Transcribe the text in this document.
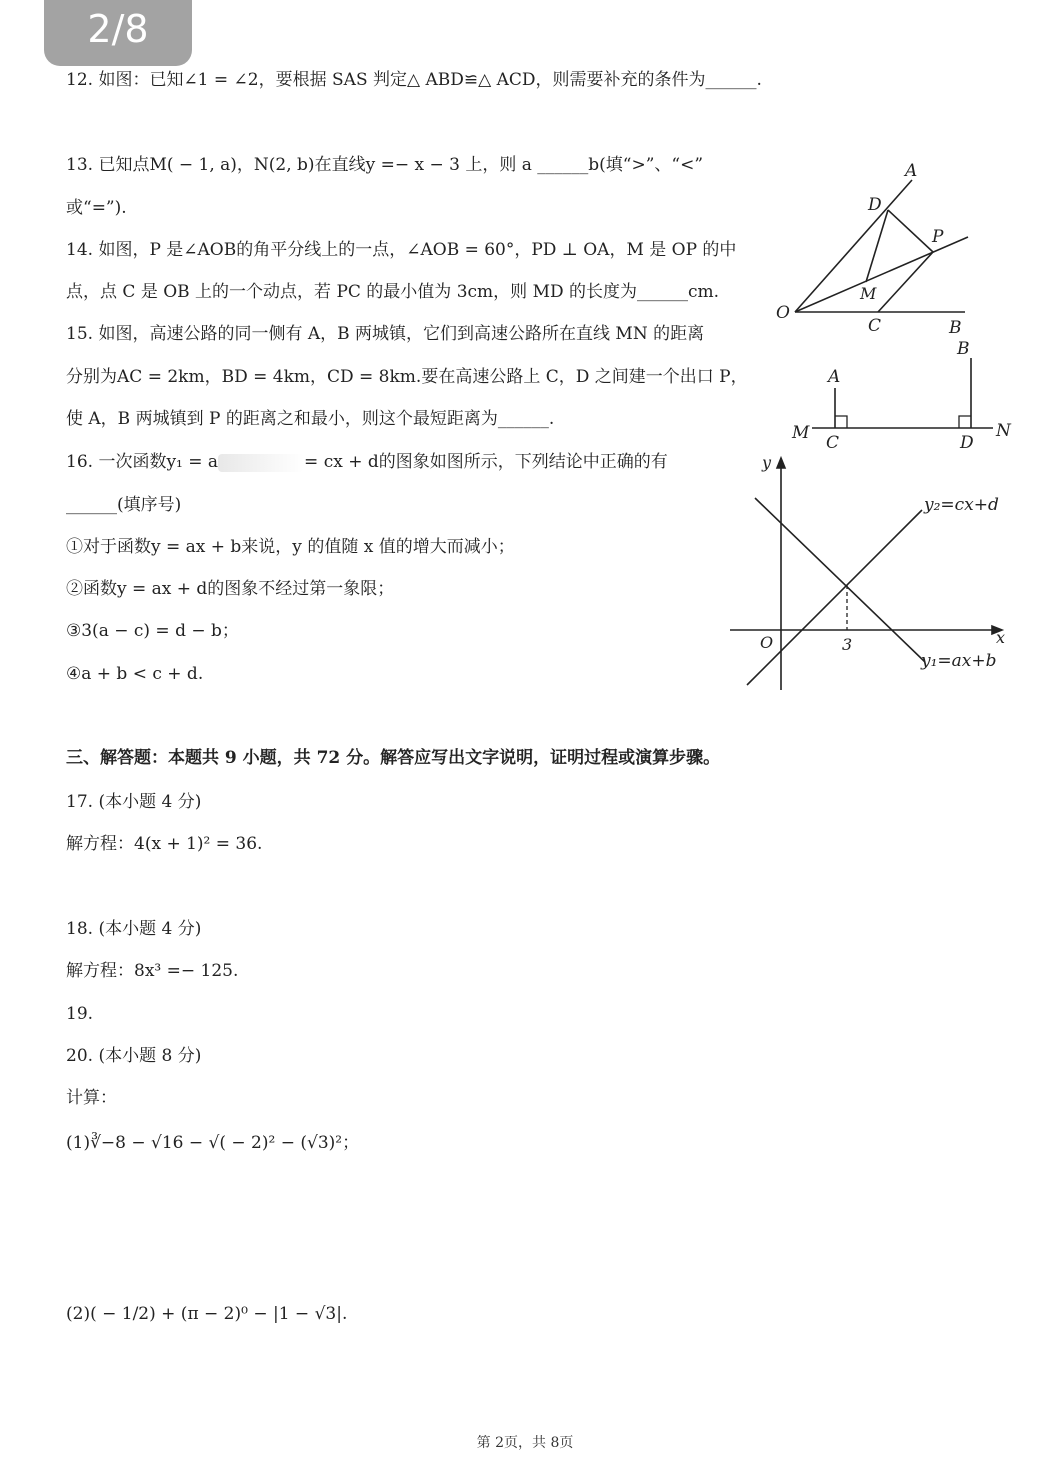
2/8
12. 如图：已知∠1 = ∠2，要根据 SAS 判定△ ABD≌△ ACD，则需要补充的条件为______.
13. 已知点M( − 1, a)，N(2, b)在直线y =− x − 3 上，则 a ______b(填“>”、“<”
或“=”).
14. 如图，P 是∠AOB的角平分线上的一点，∠AOB = 60°，PD ⊥ OA，M 是 OP 的中
点，点 C 是 OB 上的一个动点，若 PC 的最小值为 3cm，则 MD 的长度为______cm.
15. 如图，高速公路的同一侧有 A，B 两城镇，它们到高速公路所在直线 MN 的距离
分别为AC = 2km，BD = 4km，CD = 8km.要在高速公路上 C，D 之间建一个出口 P，
使 A，B 两城镇到 P 的距离之和最小，则这个最短距离为______.
16. 一次函数y₁ = a	= cx + d的图象如图所示，下列结论中正确的有
______(填序号)
①对于函数y = ax + b来说，y 的值随 x 值的增大而减小；
②函数y = ax + d的图象不经过第一象限；
③3(a − c) = d − b；
④a + b < c + d.
三、解答题：本题共 9 小题，共 72 分。解答应写出文字说明，证明过程或演算步骤。
17. (本小题 4 分)
解方程：4(x + 1)² = 36.
18. (本小题 4 分)
解方程：8x³ =− 125.
19.
20. (本小题 8 分)
计算：
(1)∛−8 − √16 − √( − 2)² − (√3)²；
(2)( − 1/2) + (π − 2)⁰ − |1 − √3|.
第 2页，共 8页
A
D
P
M
O
C	B
A
B
M C	D
N
y
x
O	3
y₂=cx+d
y₁=ax+b
